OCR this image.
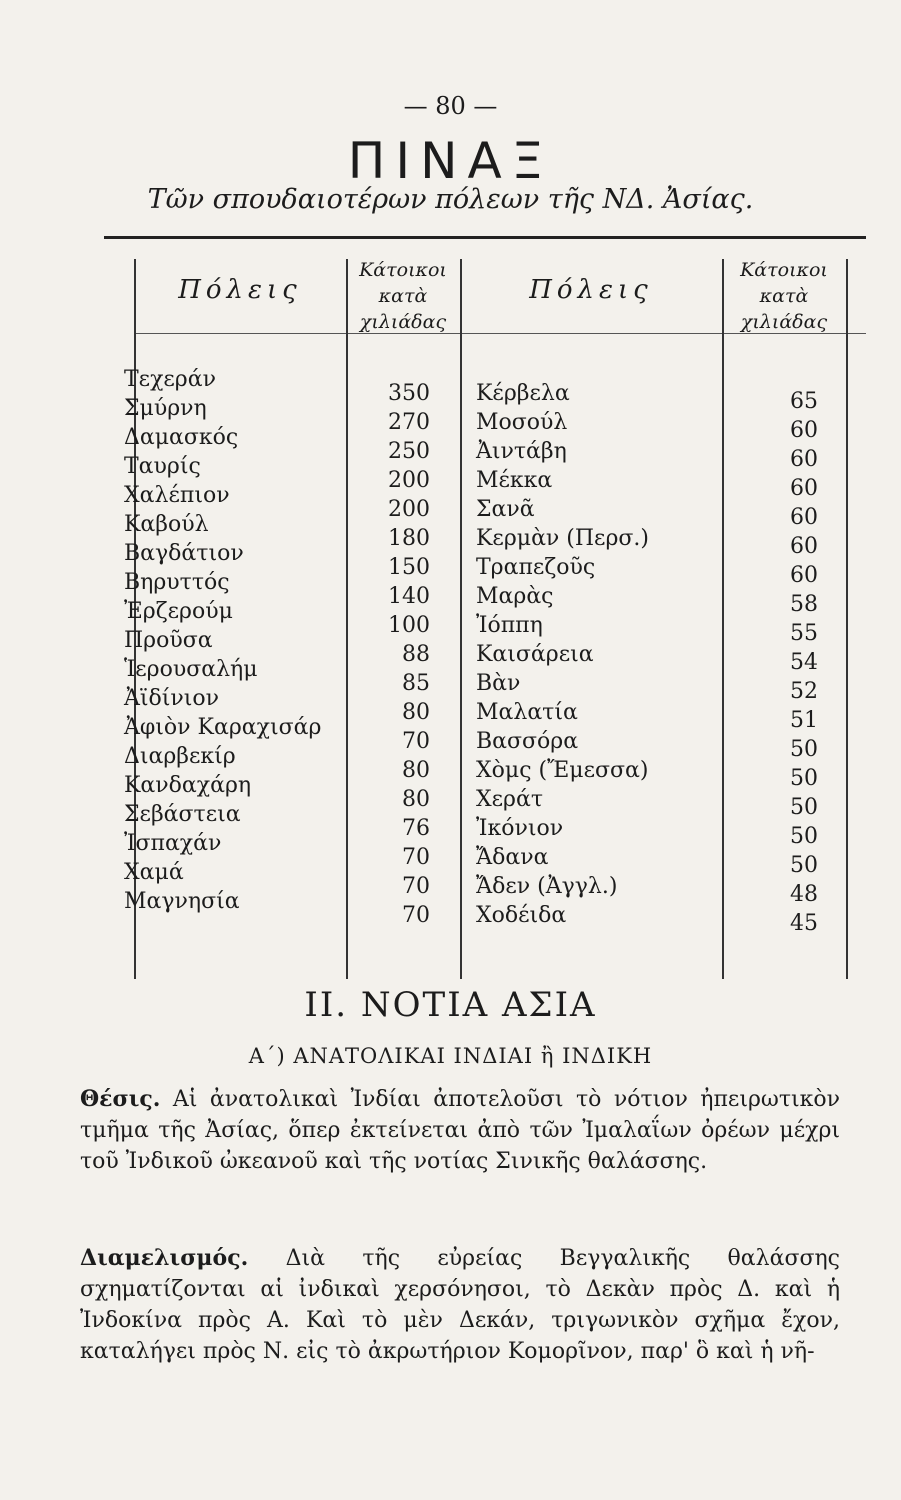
— 80 —
ΠΙΝΑΞ
Τῶν σπουδαιοτέρων πόλεων τῆς ΝΔ. Ἀσίας.
Πόλεις
Κάτοικοι
κατὰ
χιλιάδας
Πόλεις
Κάτοικοι
κατὰ
χιλιάδας
Τεχεράν
Σμύρνη
Δαμασκός
Ταυρίς
Χαλέπιον
Καβούλ
Βαγδάτιον
Βηρυττός
Ἐρζερούμ
Προῦσα
Ἱερουσαλήμ
Ἀϊδίνιον
Ἀφιὸν Καραχισάρ
Διαρβεκίρ
Κανδαχάρη
Σεβάστεια
Ἰσπαχάν
Χαμά
Μαγνησία
350
270
250
200
200
180
150
140
100
88
85
80
70
80
80
76
70
70
70
Κέρβελα
Μοσούλ
Ἀιντάβη
Μέκκα
Σανᾶ
Κερμὰν (Περσ.)
Τραπεζοῦς
Μαρὰς
Ἰόππη
Καισάρεια
Βὰν
Μαλατία
Βασσόρα
Χὸμς (Ἔμεσσα)
Χεράτ
Ἰκόνιον
Ἄδανα
Ἄδεν (Ἀγγλ.)
Χοδέιδα
65
60
60
60
60
60
60
58
55
54
52
51
50
50
50
50
50
48
45
ΙΙ. ΝΟΤΙΑ ΑΣΙΑ
Α΄) ΑΝΑΤΟΛΙΚΑΙ ΙΝΔΙΑΙ ἢ ΙΝΔΙΚΗ
Θέσις. Αἱ ἀνατολικαὶ Ἰνδίαι ἀποτελοῦσι τὸ νότιον ἠπειρωτικὸν τμῆμα τῆς Ἀσίας, ὅπερ ἐκτείνεται ἀπὸ τῶν Ἰμαλαΐων ὀρέων μέχρι τοῦ Ἰνδικοῦ ὠκεανοῦ καὶ τῆς νοτίας Σινικῆς θαλάσσης.
Διαμελισμός. Διὰ τῆς εὐρείας Βεγγαλικῆς θαλάσσης σχηματίζονται αἱ ἰνδικαὶ χερσόνησοι, τὸ Δεκὰν πρὸς Δ. καὶ ἡ Ἰνδοκίνα πρὸς Α. Καὶ τὸ μὲν Δεκάν, τριγωνικὸν σχῆμα ἔχον, καταλήγει πρὸς Ν. εἰς τὸ ἀκρωτήριον Κομορῖνον, παρ' ὃ καὶ ἡ νῆ-
